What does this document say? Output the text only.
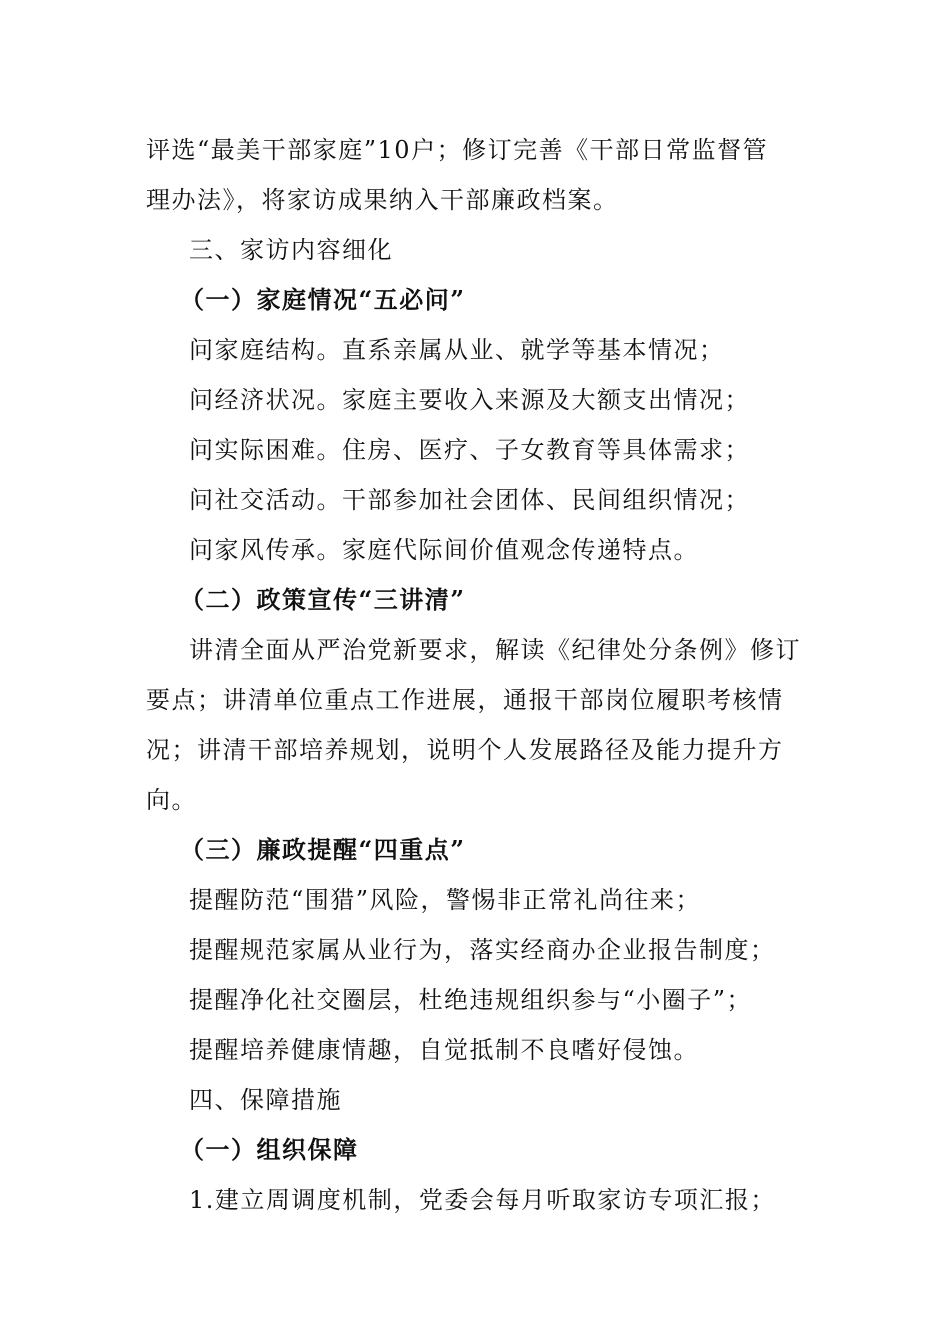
评选“最美干部家庭”10户；修订完善《干部日常监督管
理办法》，将家访成果纳入干部廉政档案。
三、家访内容细化
（一）家庭情况“五必问”
问家庭结构。直系亲属从业、就学等基本情况；
问经济状况。家庭主要收入来源及大额支出情况；
问实际困难。住房、医疗、子女教育等具体需求；
问社交活动。干部参加社会团体、民间组织情况；
问家风传承。家庭代际间价值观念传递特点。
（二）政策宣传“三讲清”
讲清全面从严治党新要求，解读《纪律处分条例》修订
要点；讲清单位重点工作进展，通报干部岗位履职考核情
况；讲清干部培养规划，说明个人发展路径及能力提升方
向。
（三）廉政提醒“四重点”
提醒防范“围猎”风险，警惕非正常礼尚往来；
提醒规范家属从业行为，落实经商办企业报告制度；
提醒净化社交圈层，杜绝违规组织参与“小圈子”；
提醒培养健康情趣，自觉抵制不良嗜好侵蚀。
四、保障措施
（一）组织保障
1.建立周调度机制，党委会每月听取家访专项汇报；
